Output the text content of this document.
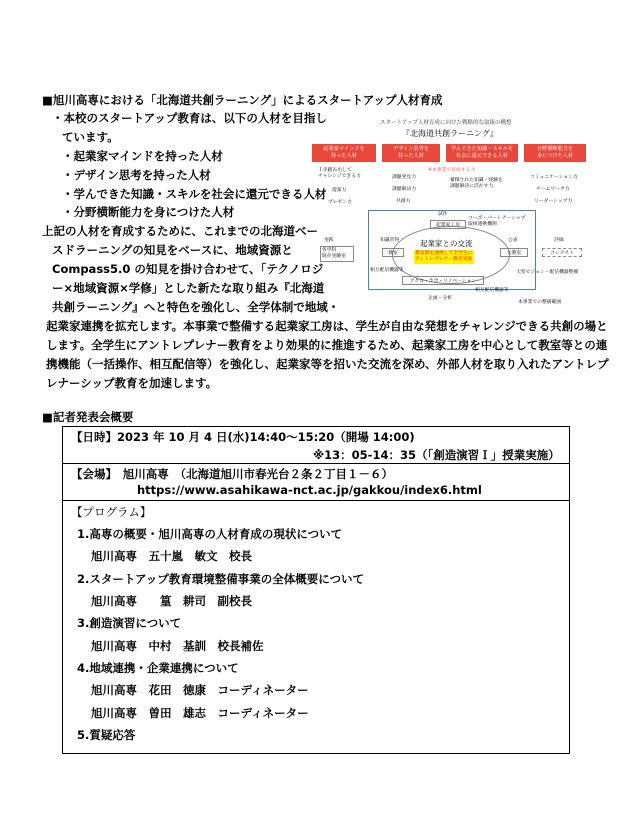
■旭川高専における「北海道共創ラーニング」によるスタートアップ人材育成
・本校のスタートアップ教育は、以下の人材を目指し
ています。
・起業家マインドを持った人材
・デザイン思考を持った人材
・学んできた知識・スキルを社会に還元できる人材
・分野横断能力を身につけた人材
上記の人材を育成するために、これまでの北海道ベー
スドラーニングの知見をベースに、地域資源と
Compass5.0 の知見を掛け合わせて、「テクノロジ
ー×地域資源×学修」とした新たな取り組み『北海道
共創ラーニング』へと特色を強化し、全学体制で地域・
起業家連携を拡充します。本事業で整備する起業家工房は、学生が自由な発想をチャレンジできる共創の場と
します。全学生にアントレプレナー教育をより効果的に推進するため、起業家工房を中心として教室等との連
携機能（一括操作、相互配信等）を強化し、起業家等を招いた交流を深め、外部人材を取り入れたアントレプ
レナーシップ教育を加速します。
スタートアップ人材育成に向けた戦略的な取組の構想
『北海道共創ラーニング』
起業家マインドを
持った人材
デザイン思考を
持った人材
学んできた知識・スキルを
社会に還元できる人材
分野横断能力を
身につけた人材
１歩踏み出して
チャレンジできる力
提案力
プレゼン力
課題発見力
課題解決力
共創力
※本事業で育成する力
蓄積された知識・経験を
課題解決に活かす力
コミュニケーション力
チームワーク力
リーダーシップ力
実践
各学科
既存実験室
知識習得
教室
試作
起業家工房
コーポ・パートナーシップ
取組連携機関
起業家との交流
教室間を連携して全学生に
アントレプレナー教育実施
公表
大教室
評価
コンテスト
大型ビジョン・配信機器整備
相互配信機器等
アクロ・ラボ・リノベーション
相互配信機器等
企画・分析
本事業での整備範囲
■記者発表会概要
【日時】2023 年 10 月 4 日(水)14:40～15:20（開場 14:00)
※13：05-14：35（「創造演習Ｉ」授業実施）
【会場】　旭川高専　（北海道旭川市春光台２条２丁目１－６）
https://www.asahikawa-nct.ac.jp/gakkou/index6.html
【プログラム】
1.高専の概要・旭川高専の人材育成の現状について
旭川高専　五十嵐　敏文　校長
2.スタートアップ教育環境整備事業の全体概要について
旭川高専　　篁　耕司　副校長
3.創造演習について
旭川高専　中村　基訓　校長補佐
4.地域連携・企業連携について
旭川高専　花田　徳康　コーディネーター
旭川高専　曽田　雄志　コーディネーター
5.質疑応答
